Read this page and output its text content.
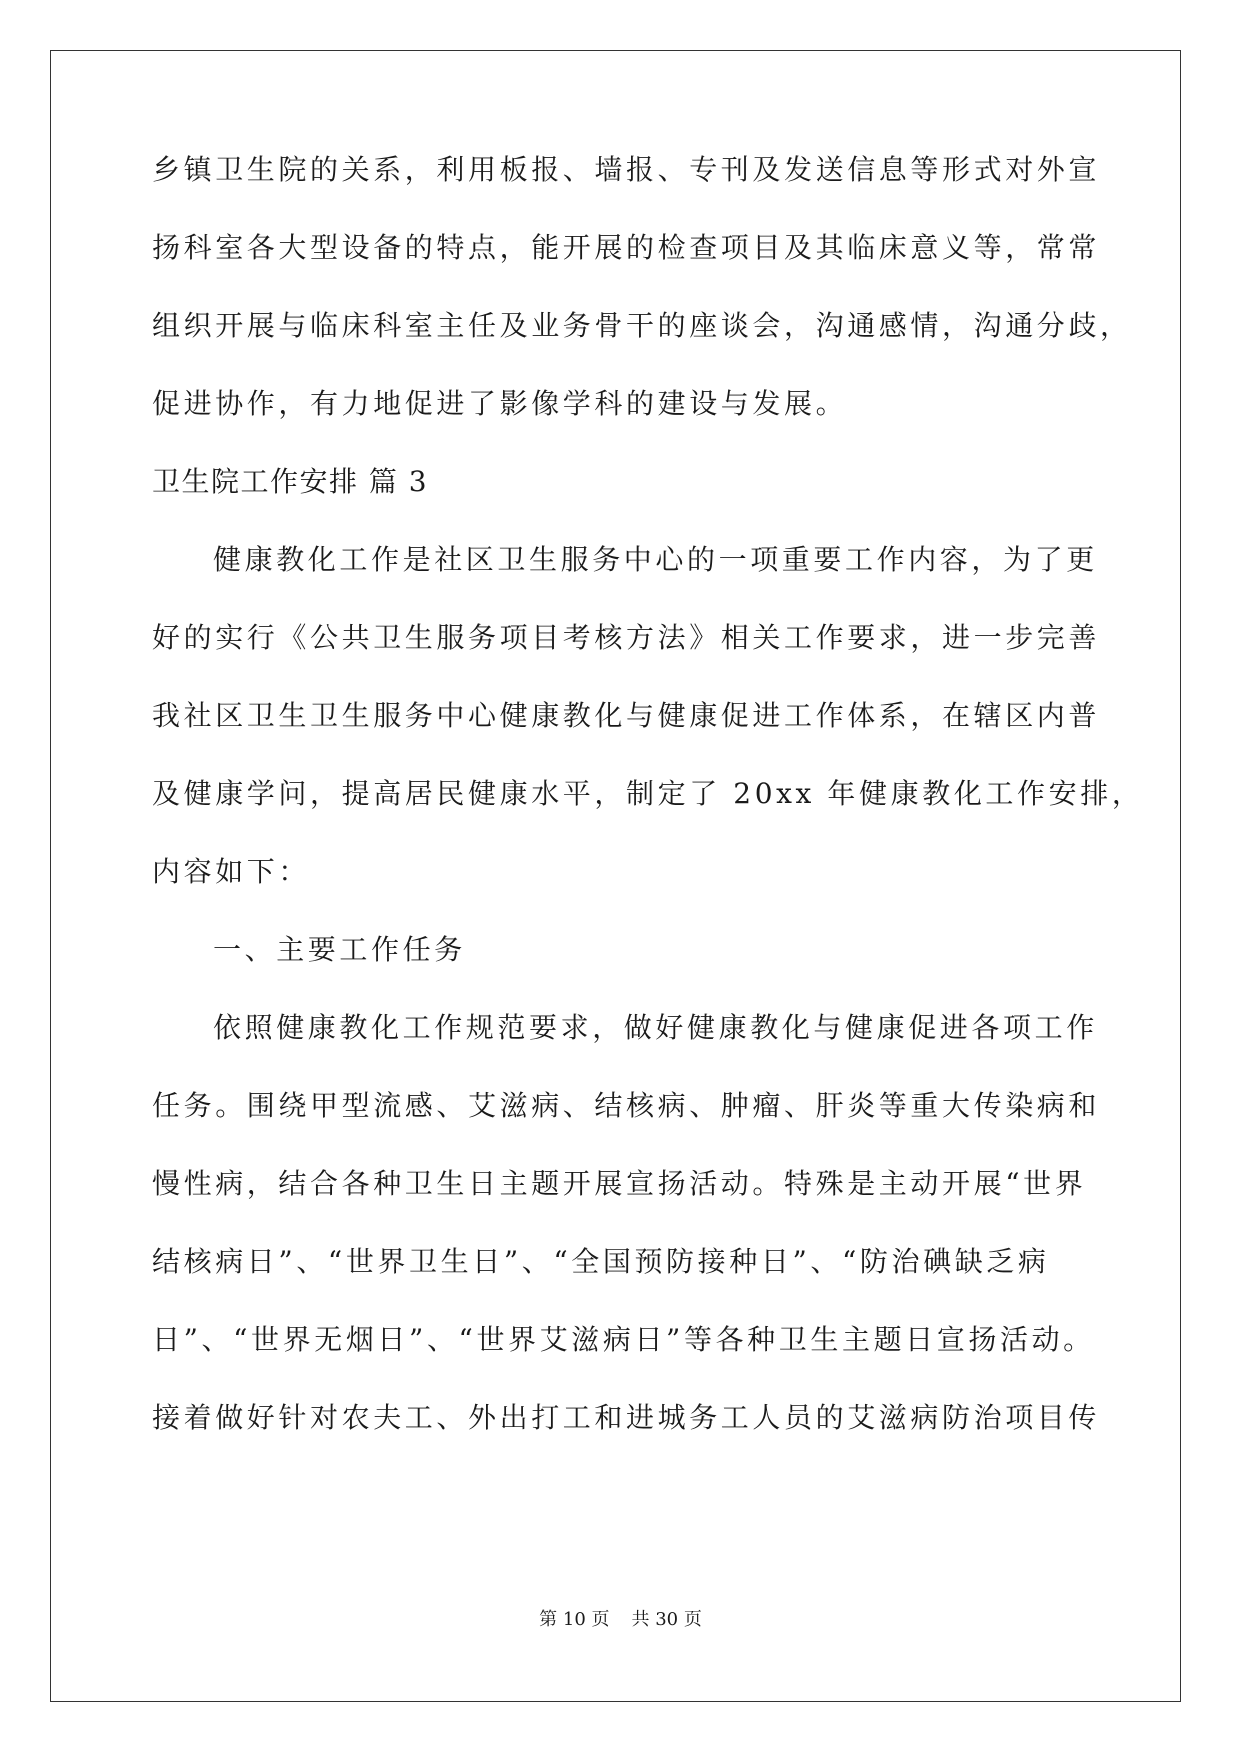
乡镇卫生院的关系，利用板报、墙报、专刊及发送信息等形式对外宣
扬科室各大型设备的特点，能开展的检查项目及其临床意义等，常常
组织开展与临床科室主任及业务骨干的座谈会，沟通感情，沟通分歧，
促进协作，有力地促进了影像学科的建设与发展。
卫生院工作安排 篇 3
健康教化工作是社区卫生服务中心的一项重要工作内容，为了更
好的实行《公共卫生服务项目考核方法》相关工作要求，进一步完善
我社区卫生卫生服务中心健康教化与健康促进工作体系，在辖区内普
及健康学问，提高居民健康水平，制定了 20xx 年健康教化工作安排，
内容如下：
一、主要工作任务
依照健康教化工作规范要求，做好健康教化与健康促进各项工作
任务。围绕甲型流感、艾滋病、结核病、肿瘤、肝炎等重大传染病和
慢性病，结合各种卫生日主题开展宣扬活动。特殊是主动开展“世界
结核病日”、“世界卫生日”、“全国预防接种日”、“防治碘缺乏病
日”、“世界无烟日”、“世界艾滋病日”等各种卫生主题日宣扬活动。
接着做好针对农夫工、外出打工和进城务工人员的艾滋病防治项目传
第 10 页 共 30 页
